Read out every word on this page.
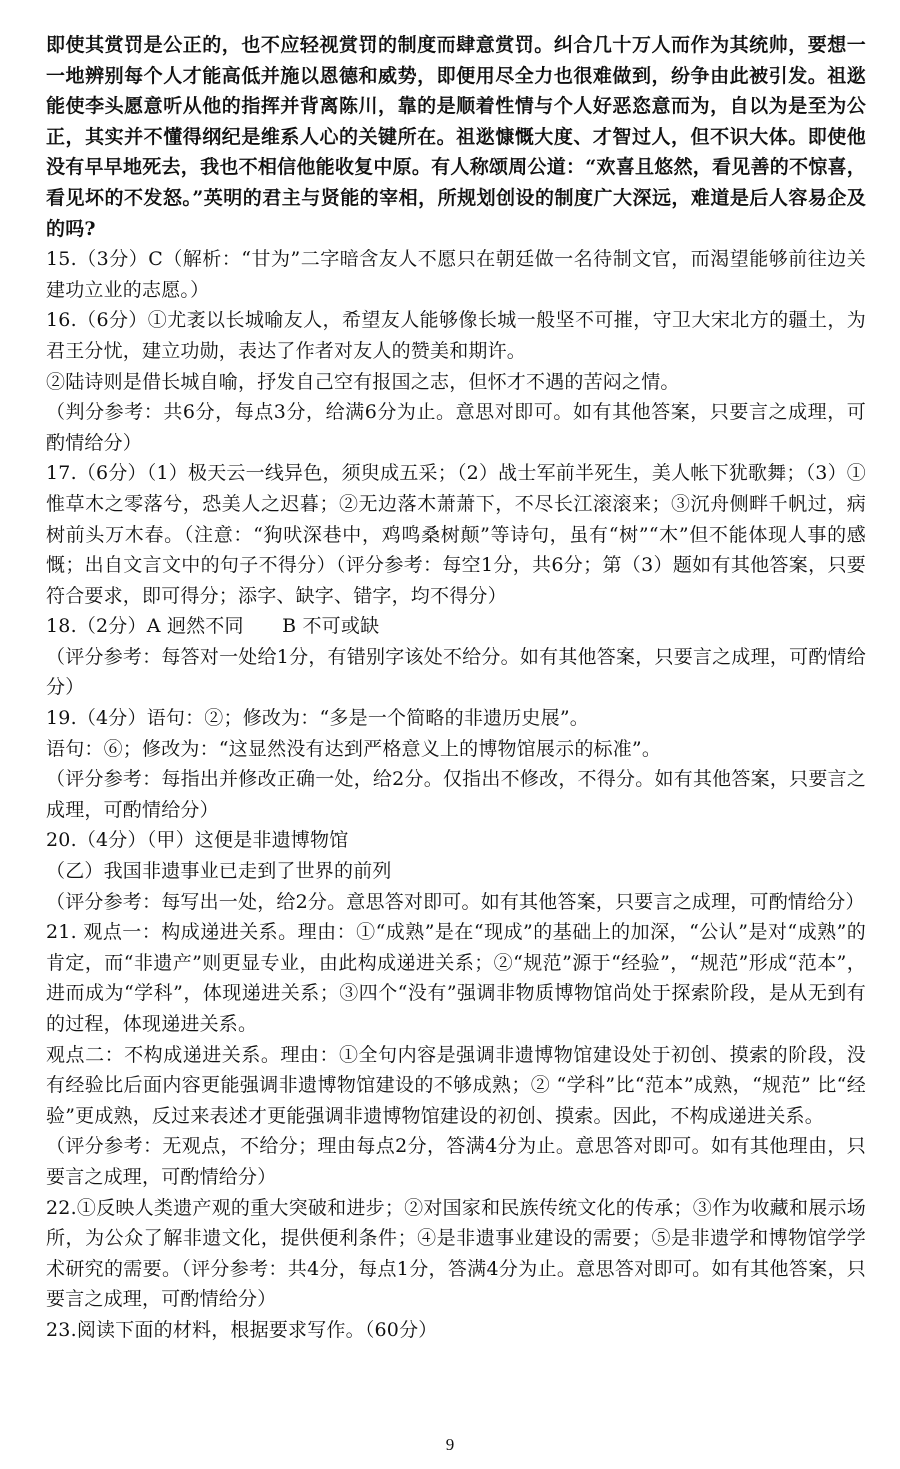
即使其赏罚是公正的，也不应轻视赏罚的制度而肆意赏罚。纠合几十万人而作为其统帅，要想一一地辨别每个人才能高低并施以恩德和威势，即便用尽全力也很难做到，纷争由此被引发。祖逖能使李头愿意听从他的指挥并背离陈川，靠的是顺着性情与个人好恶恣意而为，自以为是至为公正，其实并不懂得纲纪是维系人心的关键所在。祖逖慷慨大度、才智过人，但不识大体。即使他没有早早地死去，我也不相信他能收复中原。有人称颂周公道：“欢喜且悠然，看见善的不惊喜，看见坏的不发怒。”英明的君主与贤能的宰相，所规划创设的制度广大深远，难道是后人容易企及的吗?

15.（3分）C（解析：“甘为”二字暗含友人不愿只在朝廷做一名待制文官，而渴望能够前往边关建功立业的志愿。）

16.（6分）①尤袤以长城喻友人，希望友人能够像长城一般坚不可摧，守卫大宋北方的疆土，为君王分忧，建立功勋，表达了作者对友人的赞美和期许。

②陆诗则是借长城自喻，抒发自己空有报国之志，但怀才不遇的苦闷之情。

（判分参考：共6分，每点3分，给满6分为止。意思对即可。如有其他答案，只要言之成理，可酌情给分）

17.（6分）（1）极天云一线异色，须臾成五采；（2）战士军前半死生，美人帐下犹歌舞；（3）①惟草木之零落兮，恐美人之迟暮；②无边落木萧萧下，不尽长江滚滚来；③沉舟侧畔千帆过，病树前头万木春。（注意：“狗吠深巷中，鸡鸣桑树颠”等诗句，虽有“树”“木”但不能体现人事的感慨；出自文言文中的句子不得分）（评分参考：每空1分，共6分；第（3）题如有其他答案，只要符合要求，即可得分；添字、缺字、错字，均不得分）

18.（2分）A 迥然不同　　B 不可或缺

（评分参考：每答对一处给1分，有错别字该处不给分。如有其他答案，只要言之成理，可酌情给分）

19.（4分）语句：②；修改为：“多是一个简略的非遗历史展”。

语句：⑥；修改为：“这显然没有达到严格意义上的博物馆展示的标准”。

（评分参考：每指出并修改正确一处，给2分。仅指出不修改，不得分。如有其他答案，只要言之成理，可酌情给分）

20.（4分）（甲）这便是非遗博物馆

（乙）我国非遗事业已走到了世界的前列

（评分参考：每写出一处，给2分。意思答对即可。如有其他答案，只要言之成理，可酌情给分）

21. 观点一：构成递进关系。理由：①“成熟”是在“现成”的基础上的加深，“公认”是对“成熟”的肯定，而“非遗产”则更显专业，由此构成递进关系；②“规范”源于“经验”，“规范”形成“范本”，进而成为“学科”，体现递进关系；③四个“没有”强调非物质博物馆尚处于探索阶段，是从无到有的过程，体现递进关系。

观点二：不构成递进关系。理由：①全句内容是强调非遗博物馆建设处于初创、摸索的阶段，没有经验比后面内容更能强调非遗博物馆建设的不够成熟；② “学科”比“范本”成熟，“规范” 比“经验”更成熟，反过来表述才更能强调非遗博物馆建设的初创、摸索。因此，不构成递进关系。

（评分参考：无观点，不给分；理由每点2分，答满4分为止。意思答对即可。如有其他理由，只要言之成理，可酌情给分）

22.①反映人类遗产观的重大突破和进步；②对国家和民族传统文化的传承；③作为收藏和展示场所，为公众了解非遗文化，提供便利条件；④是非遗事业建设的需要；⑤是非遗学和博物馆学学术研究的需要。（评分参考：共4分，每点1分，答满4分为止。意思答对即可。如有其他答案，只要言之成理，可酌情给分）

23.阅读下面的材料，根据要求写作。（60分）

9
